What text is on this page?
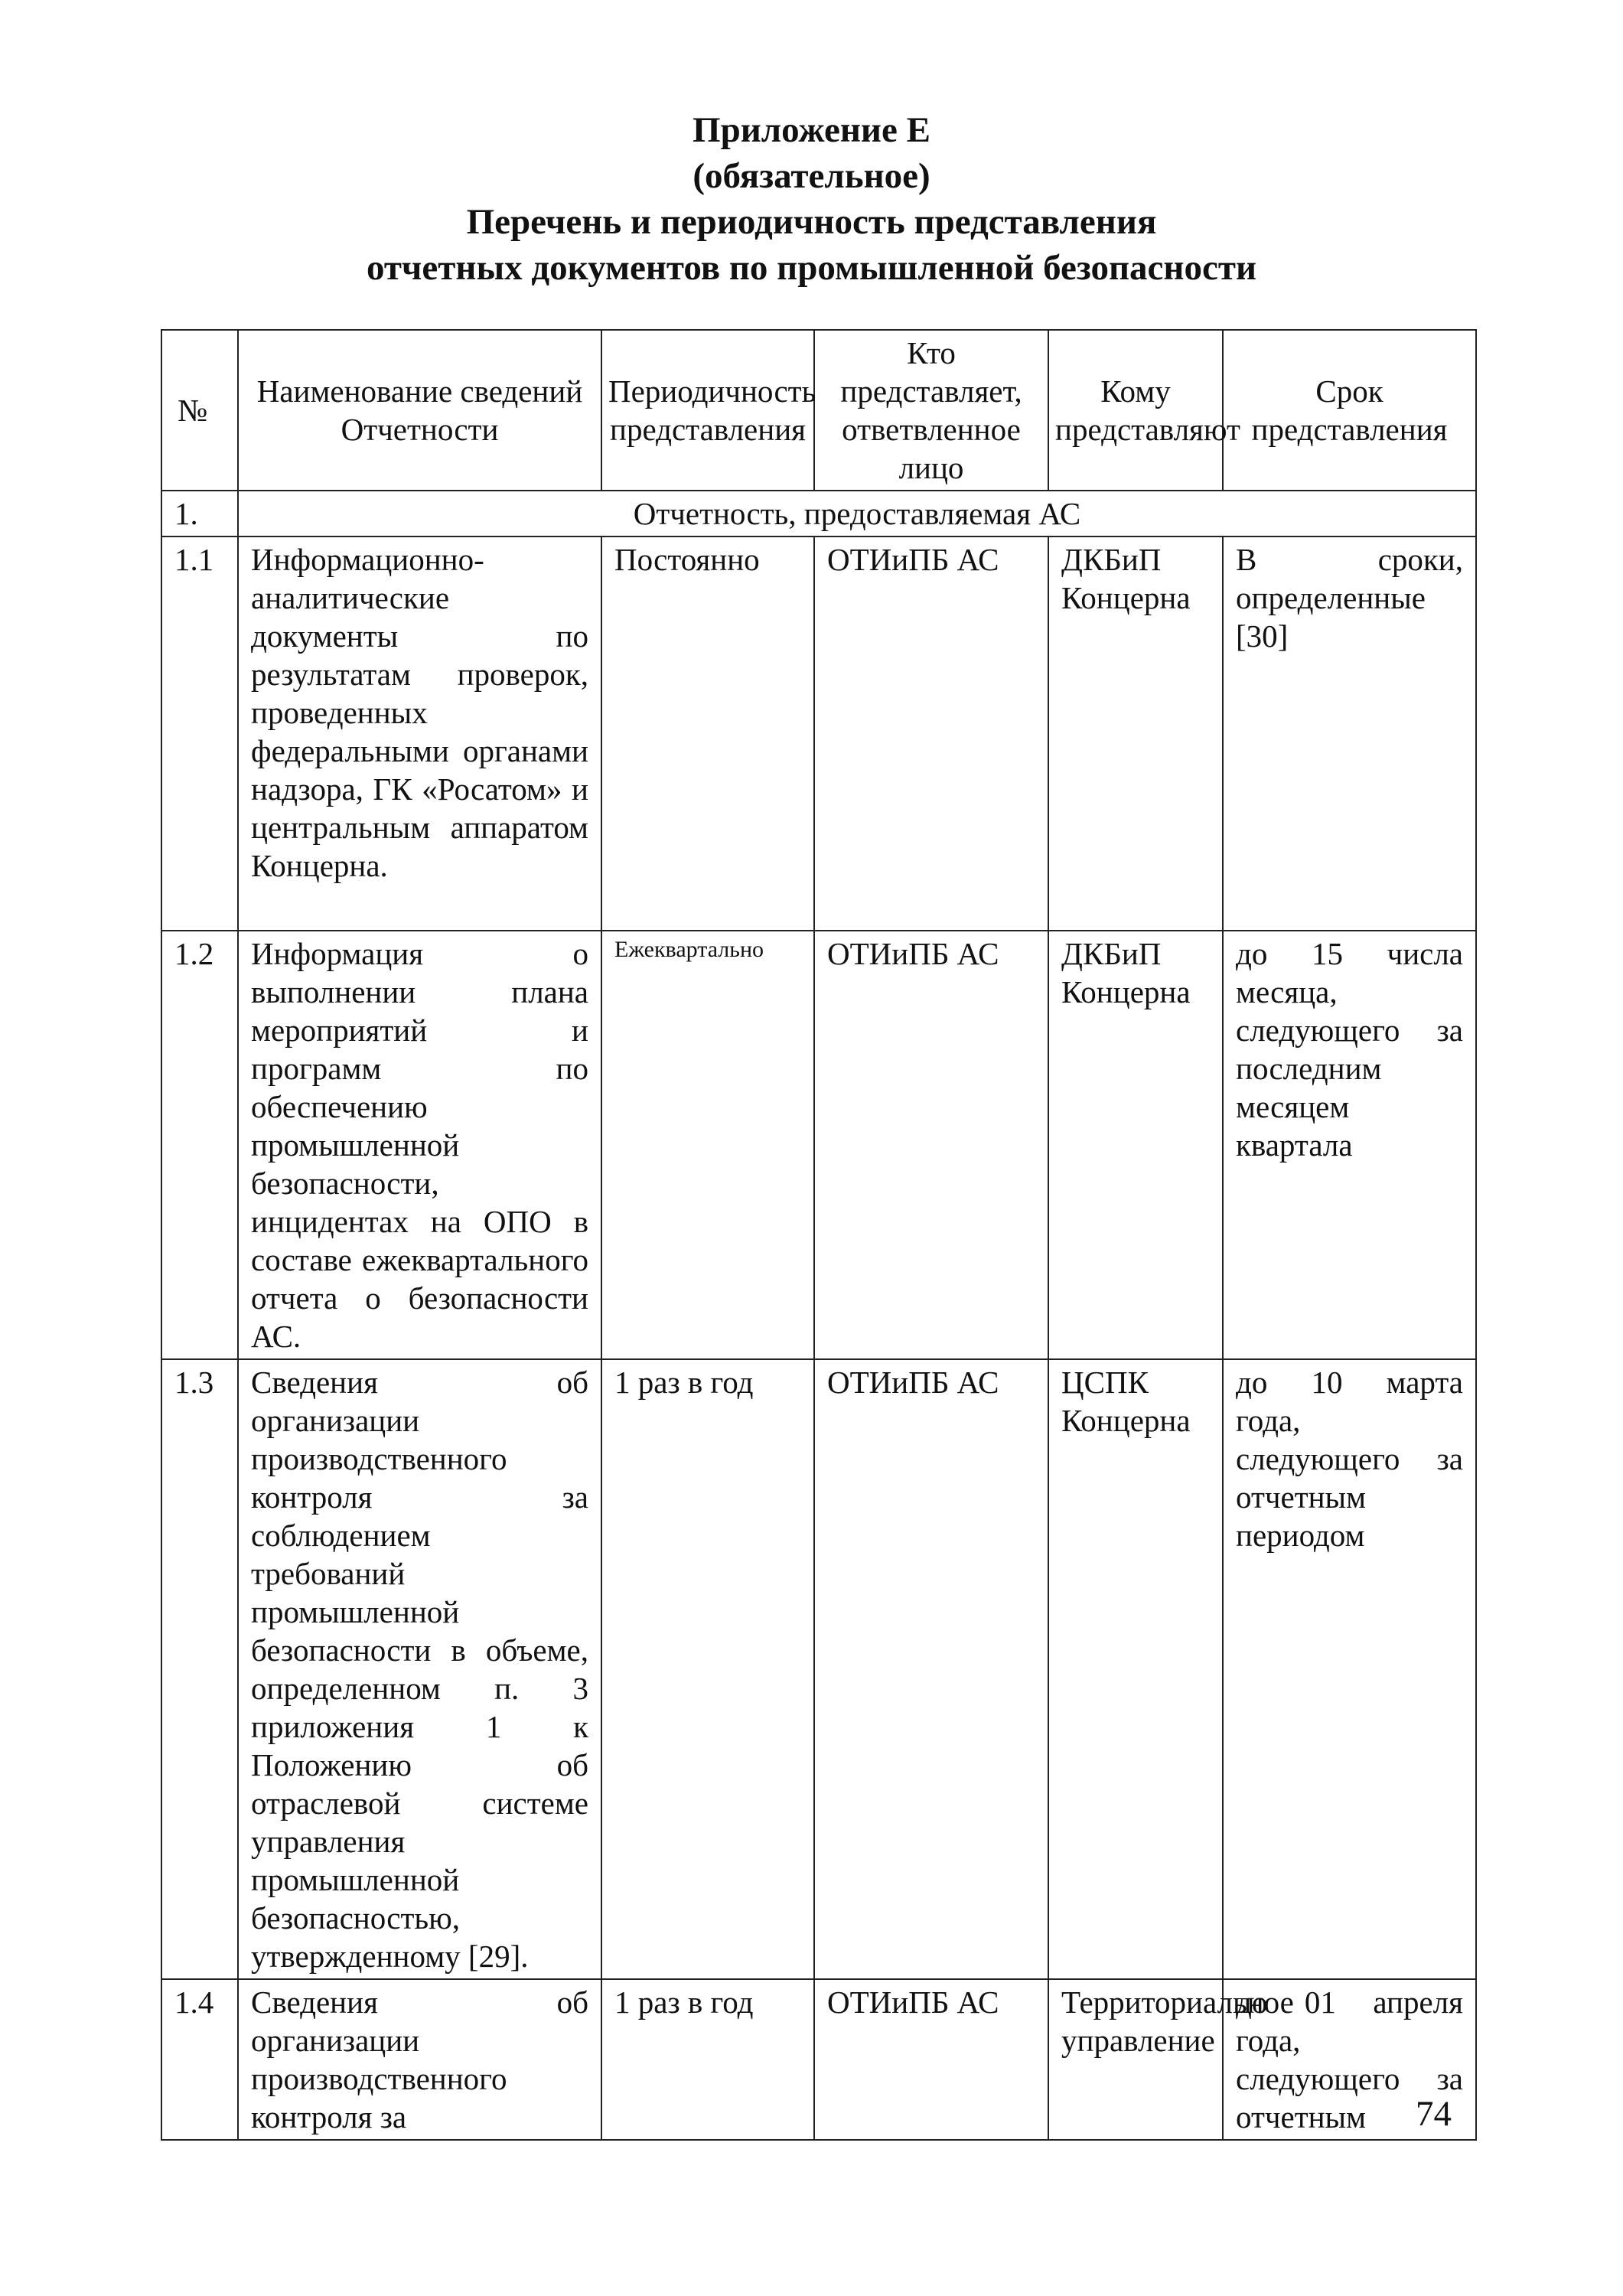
Приложение Е
(обязательное)
Перечень и периодичность представления
отчетных документов по промышленной безопасности
№	Наименование сведений Отчетности	Периодичность представления	Кто представляет, ответвленное лицо	Кому представляют	Срок представления
1.	Отчетность, предоставляемая АС				
1.1	Информационно-аналитические документы по результатам проверок, проведенных федеральными органами надзора, ГК «Росатом» и центральным аппаратом Концерна.	Постоянно	ОТИиПБ АС	ДКБиП Концерна	В сроки, определенные [30]
1.2	Информация о выполнении плана мероприятий и программ по обеспечению промышленной безопасности, инцидентах на ОПО в составе ежеквартального отчета о безопасности АС.	Ежеквартально	ОТИиПБ АС	ДКБиП Концерна	до 15 числа месяца, следующего за последним месяцем квартала
1.3	Сведения об организации производственного контроля за соблюдением требований промышленной безопасности в объеме, определенном п. 3 приложения 1 к Положению об отраслевой системе управления промышленной безопасностью, утвержденному [29].	1 раз в год	ОТИиПБ АС	ЦСПК Концерна	до 10 марта года, следующего за отчетным периодом
1.4	Сведения об организации производственного контроля за	1 раз в год	ОТИиПБ АС	Территориальное управление	до 01 апреля года, следующего за отчетным 74
